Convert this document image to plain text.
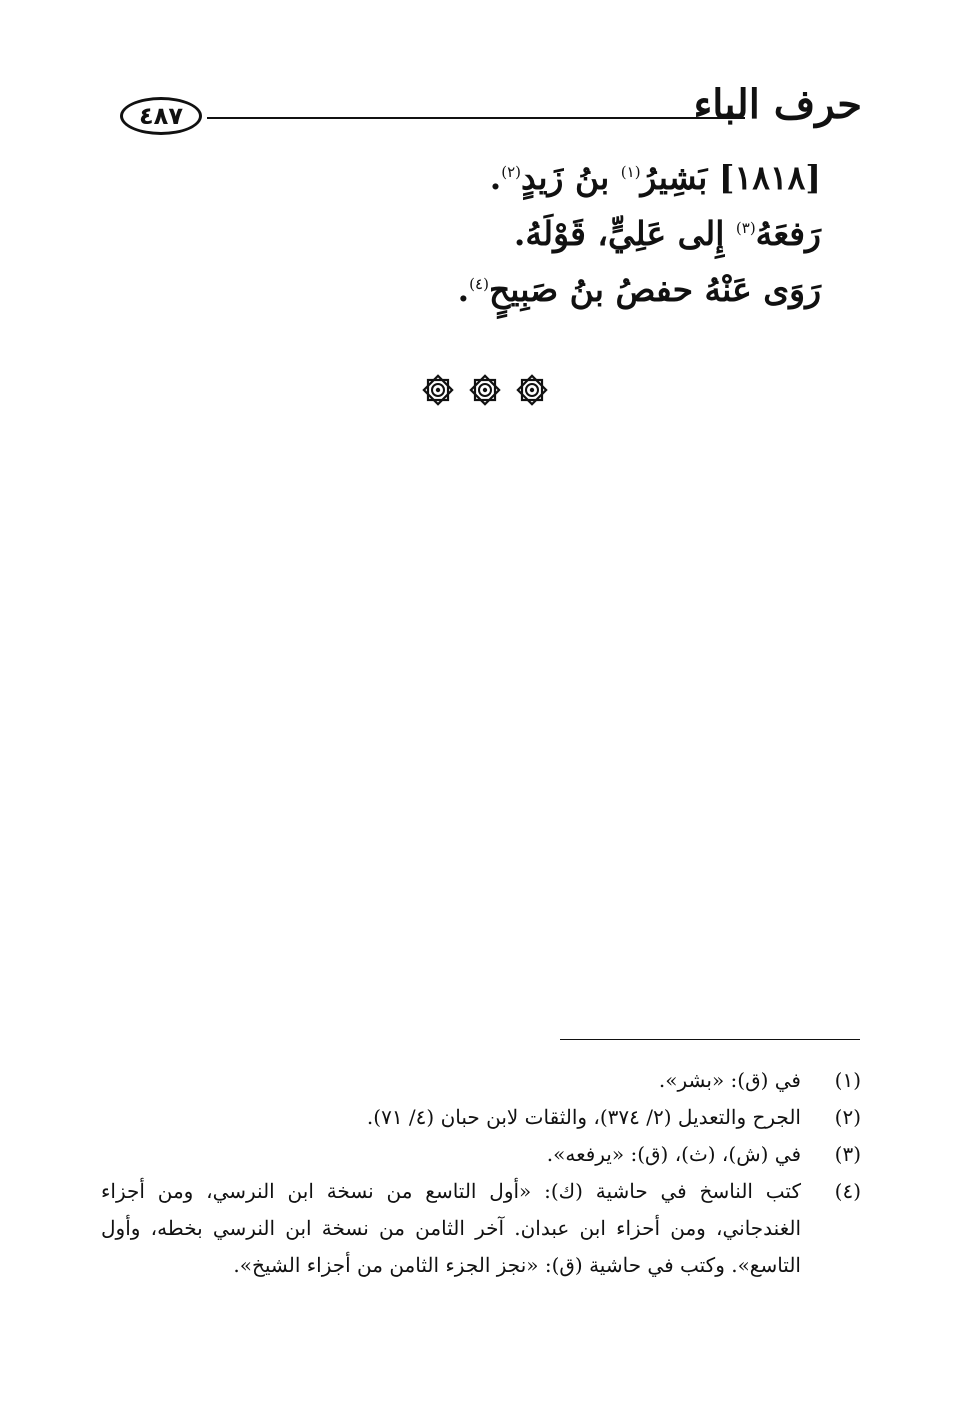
حرف الباء
٤٨٧
[١٨١٨] بَشِيرُ$^{(١)}$ بنُ زَيدٍ$^{(٢)}$.
رَفعَهُ$^{(٣)}$ إِلى عَلِيٍّ، قَوْلَهُ.
رَوَى عَنْهُ حفصُ بنُ صَبِيحٍ$^{(٤)}$.
(١)
في (ق): «بشر».
(٢)
الجرح والتعديل (٢/ ٣٧٤)، والثقات لابن حبان (٤/ ٧١).
(٣)
في (ش)، (ث)، (ق): «يرفعه».
(٤)
كتب الناسخ في حاشية (ك): «أول التاسع من نسخة ابن النرسي، ومن أجزاء الغندجاني، ومن أحزاء ابن عبدان. آخر الثامن من نسخة ابن النرسي بخطه، وأول التاسع». وكتب في حاشية (ق): «نجز الجزء الثامن من أجزاء الشيخ».
